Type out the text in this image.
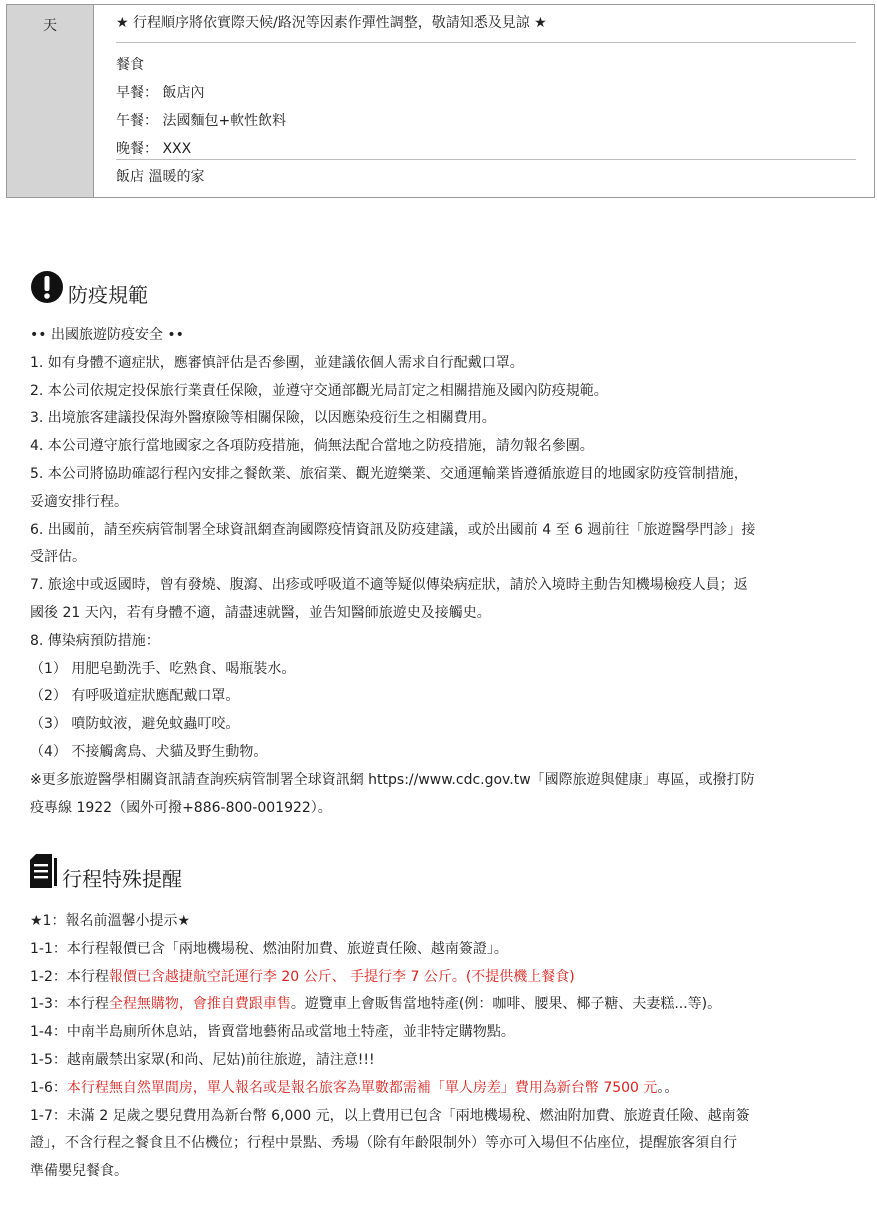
天	★ 行程順序將依實際天候/路況等因素作彈性調整，敬請知悉及見諒 ★
餐食
早餐： 飯店內
午餐： 法國麵包+軟性飲料
晚餐： XXX
飯店 溫暖的家
防疫規範
•• 出國旅遊防疫安全 ••
1. 如有身體不適症狀，應審慎評估是否參團，並建議依個人需求自行配戴口罩。
2. 本公司依規定投保旅行業責任保險，並遵守交通部觀光局訂定之相關措施及國內防疫規範。
3. 出境旅客建議投保海外醫療險等相關保險，以因應染疫衍生之相關費用。
4. 本公司遵守旅行當地國家之各項防疫措施，倘無法配合當地之防疫措施，請勿報名參團。
5. 本公司將協助確認行程內安排之餐飲業、旅宿業、觀光遊樂業、交通運輸業皆遵循旅遊目的地國家防疫管制措施，
妥適安排行程。
6. 出國前，請至疾病管制署全球資訊網查詢國際疫情資訊及防疫建議，或於出國前 4 至 6 週前往「旅遊醫學門診」接
受評估。
7. 旅途中或返國時，曾有發燒、腹瀉、出疹或呼吸道不適等疑似傳染病症狀，請於入境時主動告知機場檢疫人員；返
國後 21 天內，若有身體不適，請盡速就醫，並告知醫師旅遊史及接觸史。
8. 傳染病預防措施：
（1） 用肥皂勤洗手、吃熟食、喝瓶裝水。
（2） 有呼吸道症狀應配戴口罩。
（3） 噴防蚊液，避免蚊蟲叮咬。
（4） 不接觸禽鳥、犬貓及野生動物。
※更多旅遊醫學相關資訊請查詢疾病管制署全球資訊網 https://www.cdc.gov.tw「國際旅遊與健康」專區，或撥打防
疫專線 1922（國外可撥+886-800-001922）。
行程特殊提醒
★1：報名前溫馨小提示★
1-1：本行程報價已含「兩地機場稅、燃油附加費、旅遊責任險、越南簽證」。
1-2：本行程報價已含越捷航空託運行李 20 公斤、 手提行李 7 公斤。(不提供機上餐食)
1-3：本行程全程無購物，會推自費跟車售。遊覽車上會販售當地特產(例：咖啡、腰果、椰子糖、夫妻糕...等)。
1-4：中南半島廁所休息站，皆賣當地藝術品或當地土特產，並非特定購物點。
1-5：越南嚴禁出家眾(和尚、尼姑)前往旅遊，請注意!!!
1-6：本行程無自然單間房，單人報名或是報名旅客為單數都需補「單人房差」費用為新台幣 7500 元。。
1-7：未滿 2 足歲之嬰兒費用為新台幣 6,000 元，以上費用已包含「兩地機場稅、燃油附加費、旅遊責任險、越南簽
證」，不含行程之餐食且不佔機位；行程中景點、秀場（除有年齡限制外）等亦可入場但不佔座位，提醒旅客須自行
準備嬰兒餐食。
